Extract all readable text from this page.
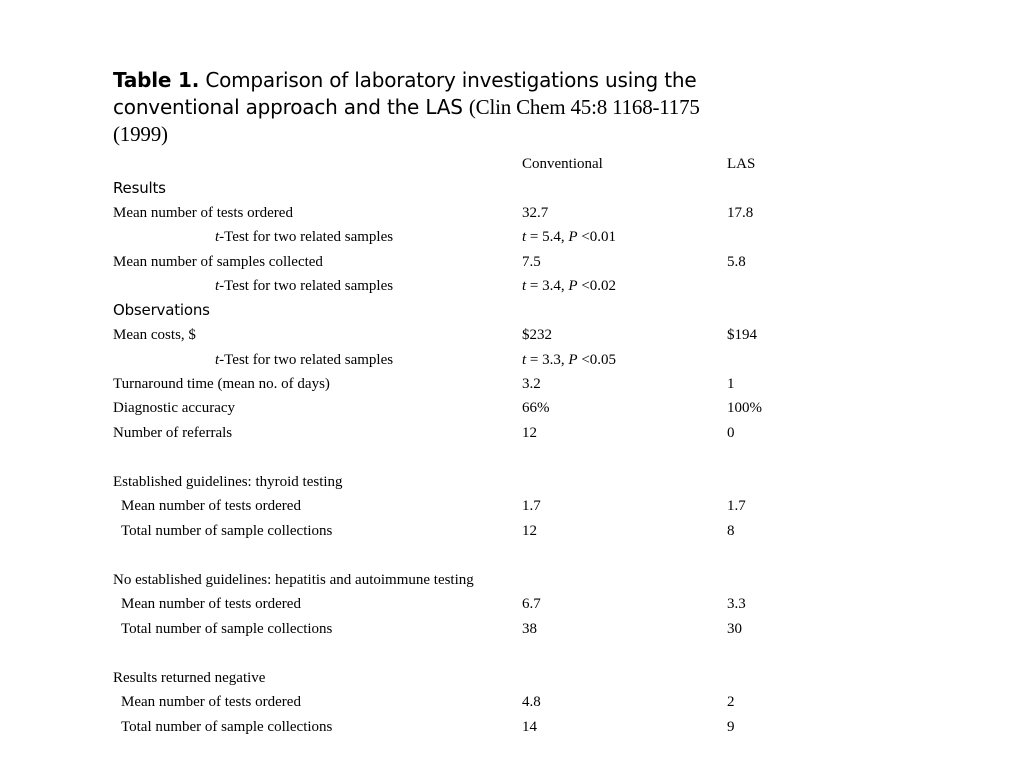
Table 1. Comparison of laboratory investigations using the conventional approach and the LAS (Clin Chem 45:8 1168-1175 (1999)
Conventional	LAS
Results
Mean number of tests ordered	32.7	17.8
t-Test for two related samples	t = 5.4, P <0.01
Mean number of samples collected	7.5	5.8
t-Test for two related samples	t = 3.4, P <0.02
Observations
Mean costs, $	$232	$194
t-Test for two related samples	t = 3.3, P <0.05
Turnaround time (mean no. of days)	3.2	1
Diagnostic accuracy	66%	100%
Number of referrals	12	0
Established guidelines: thyroid testing
Mean number of tests ordered	1.7	1.7
Total number of sample collections	12	8
No established guidelines: hepatitis and autoimmune testing
Mean number of tests ordered	6.7	3.3
Total number of sample collections	38	30
Results returned negative
Mean number of tests ordered	4.8	2
Total number of sample collections	14	9
